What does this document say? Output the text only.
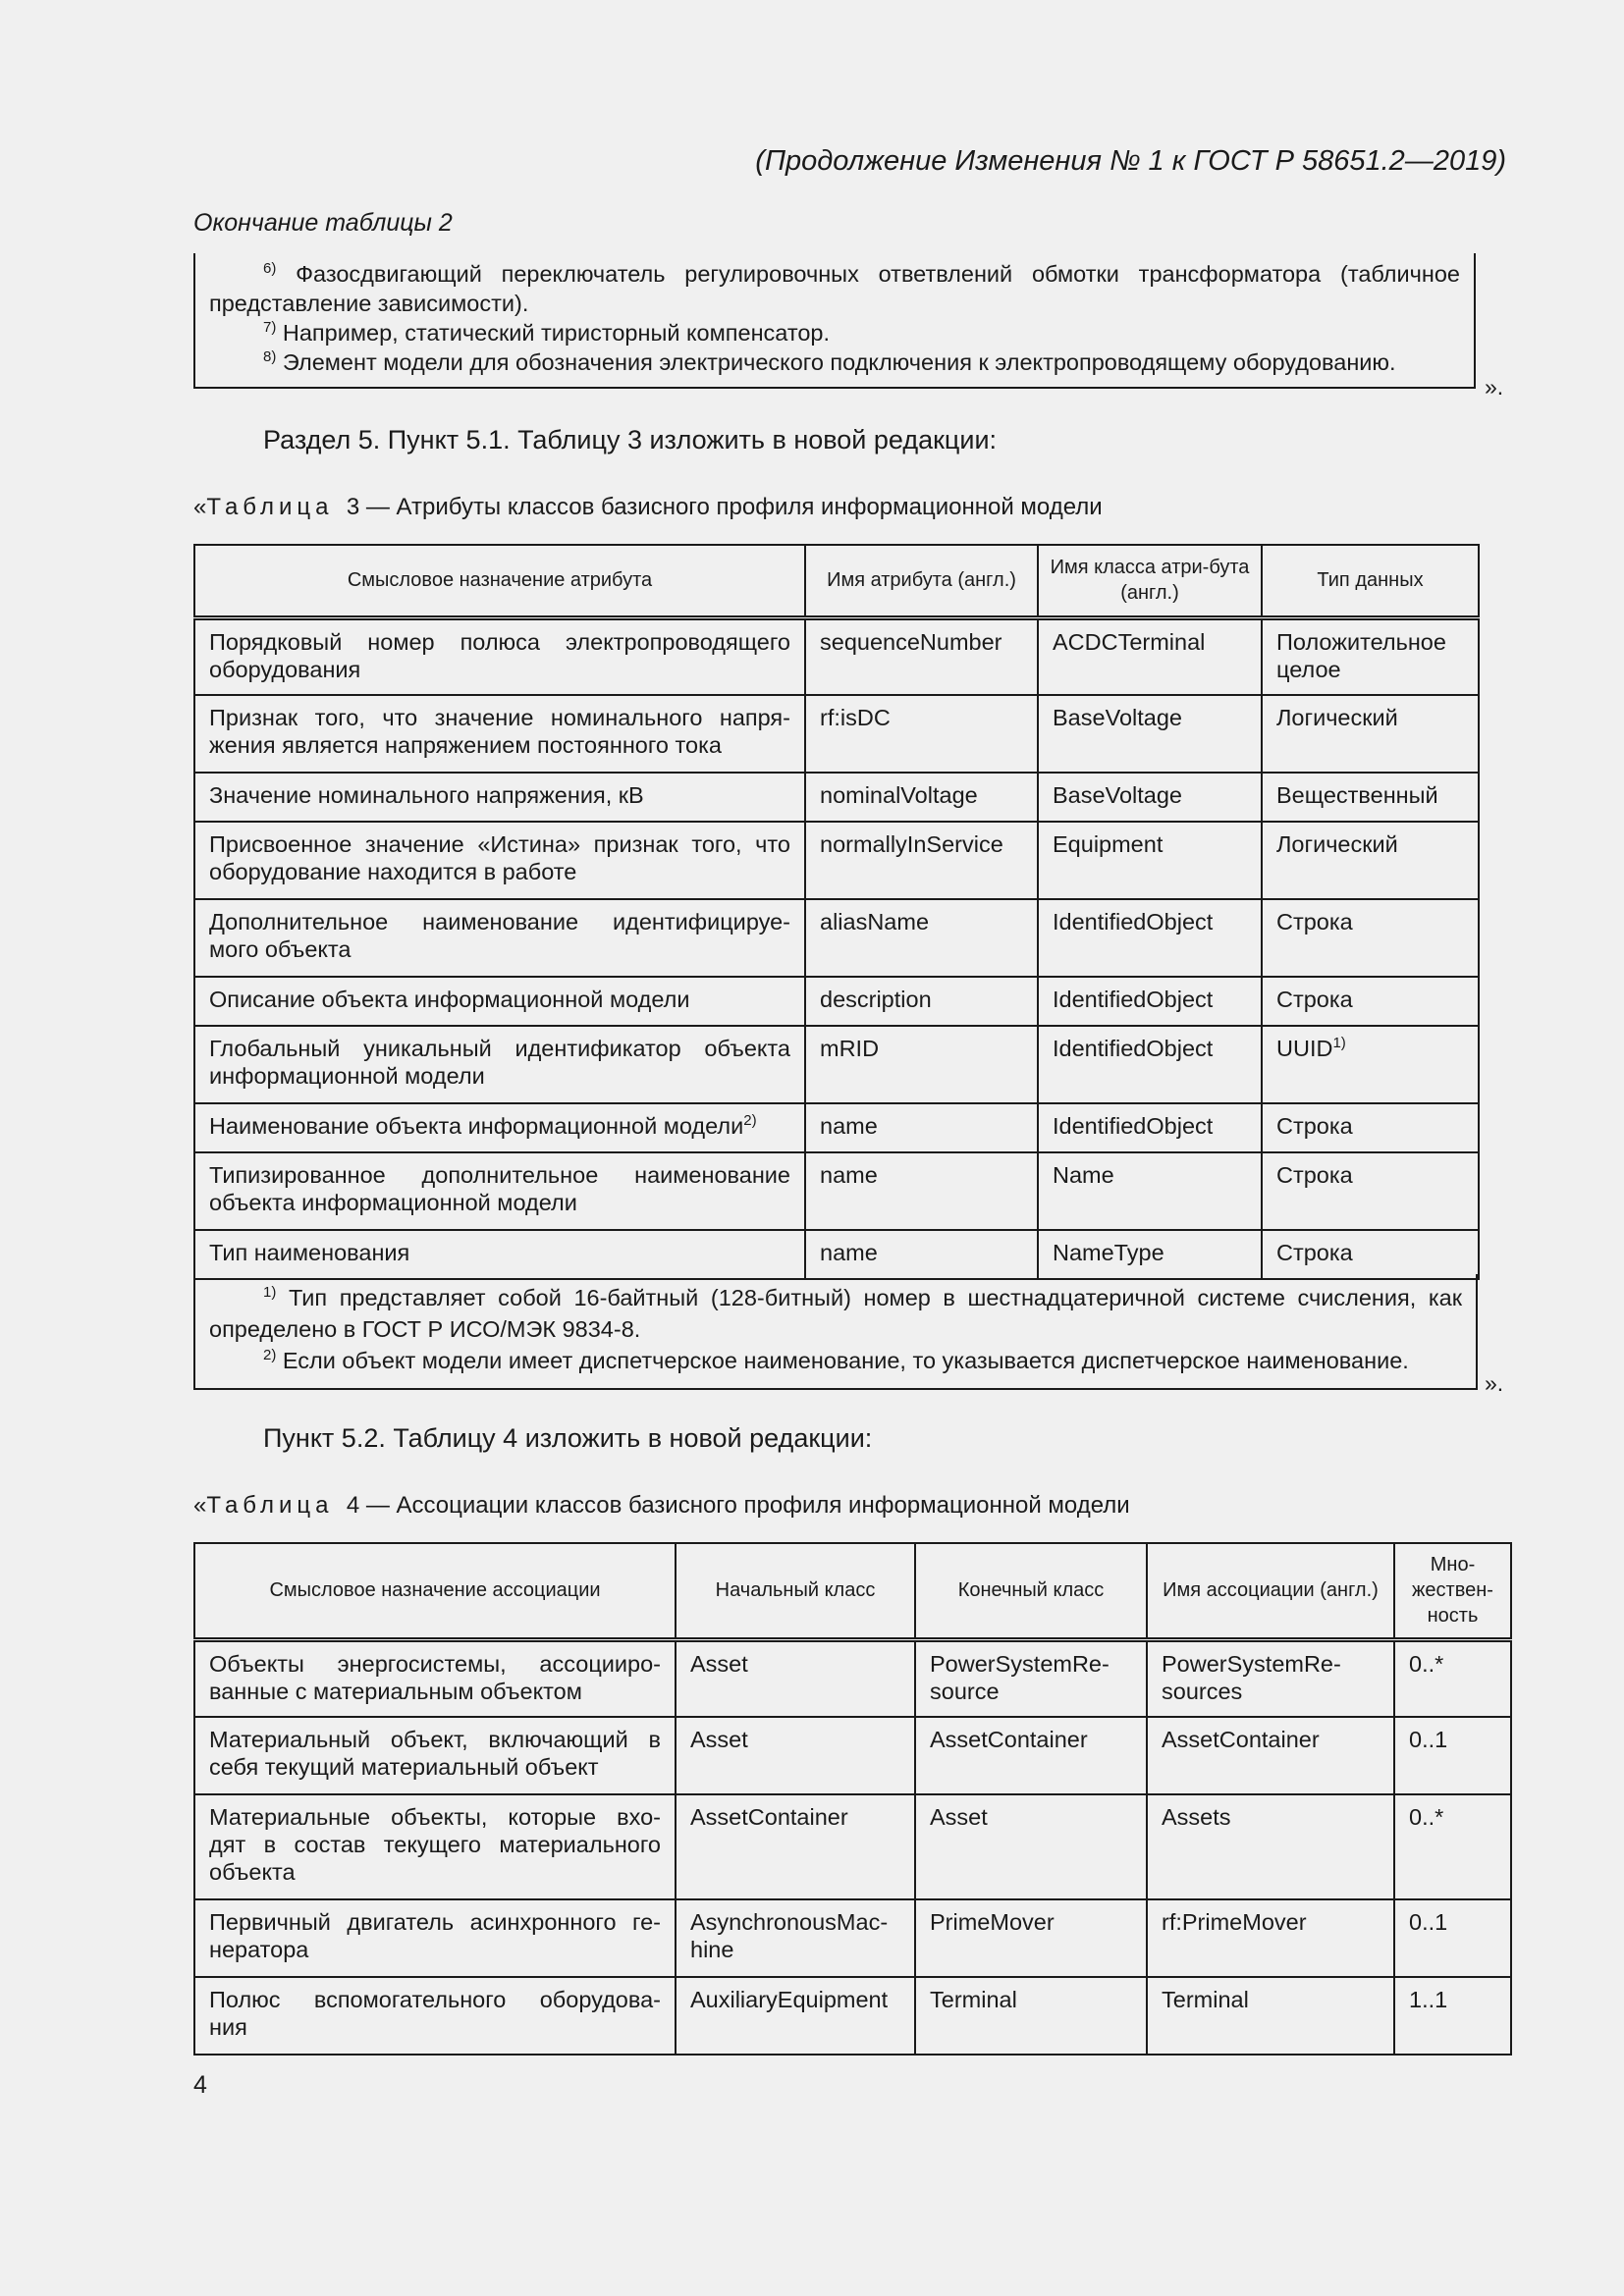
(Продолжение Изменения № 1 к ГОСТ Р 58651.2—2019)
Окончание таблицы 2

$^{6)}$ Фазосдвигающий переключатель регулировочных ответвлений обмотки трансформатора (табличное

представление зависимости).

$^{7)}$ Например, статический тиристорный компенсатор.

$^{8)}$ Элемент модели для обозначения электрического подключения к электропроводящему оборудованию.

».
Раздел 5. Пункт 5.1. Таблицу 3 изложить в новой редакции:
«Таблица 3 — Атрибуты классов базисного профиля информационной модели
Смысловое назначение атрибута	Имя атрибута (англ.)	Имя класса атри-бута (англ.)	Тип данных

Порядковый номер полюса электропроводящего
оборудования	sequenceNumber	ACDCTerminal	Положительное целое

Признак того, что значение номинального напря-
жения является напряжением постоянного тока	rf:isDC	BaseVoltage	Логический
Значение номинального напряжения, кВ	nominalVoltage	BaseVoltage	Вещественный

Присвоенное значение «Истина» признак того, что
оборудование находится в работе	normallyInService	Equipment	Логический

Дополнительное наименование идентифицируе-
мого объекта	aliasName	IdentifiedObject	Строка
Описание объекта информационной модели	description	IdentifiedObject	Строка

Глобальный уникальный идентификатор объекта
информационной модели	mRID	IdentifiedObject	UUID$^{1)}$
Наименование объекта информационной модели$^{2)}$	name	IdentifiedObject	Строка

Типизированное дополнительное наименование
объекта информационной модели	name	Name	Строка
Тип наименования	name	NameType	Строка

$^{1)}$ Тип представляет собой 16-байтный (128-битный) номер в шестнадцатеричной системе счисления, как

определено в ГОСТ Р ИСО/МЭК 9834-8.

$^{2)}$ Если объект модели имеет диспетчерское наименование, то указывается диспетчерское наименование.

».
Пункт 5.2. Таблицу 4 изложить в новой редакции:
«Таблица 4 — Ассоциации классов базисного профиля информационной модели
Смысловое назначение ассоциации	Начальный класс	Конечный класс	Имя ассоциации (англ.)	Мно-жествен-ность

Объекты энергосистемы, ассоцииро-
ванные с материальным объектом	Asset	PowerSystemRe-source	PowerSystemRe-sources	0..*

Материальный объект, включающий в
себя текущий материальный объект	Asset	AssetContainer	AssetContainer	0..1

Материальные объекты, которые вхо-
дят в состав текущего материального
объекта	AssetContainer	Asset	Assets	0..*

Первичный двигатель асинхронного ге-
нератора	AsynchronousMac-hine	PrimeMover	rf:PrimeMover	0..1

Полюс вспомогательного оборудова-
ния	AuxiliaryEquipment	Terminal	Terminal	1..1
4
